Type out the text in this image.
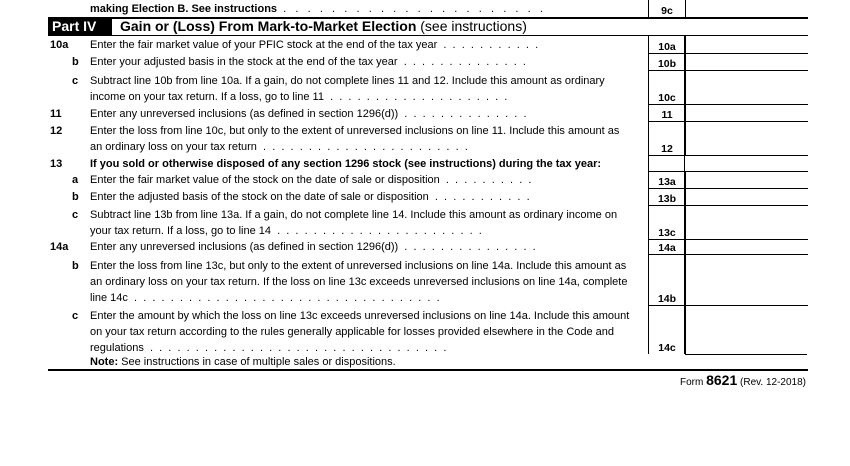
making Election B. See instructions  .   .   .   .   .   .   .   .   .   .   .   .   .   .   .   .   .   .   .   .   .   .	9c
Part IV	Gain or (Loss) From Mark-to-Market Election (see instructions)
10a Enter the fair market value of your PFIC stock at the end of the tax year  .  .  .  .  .  .  .  .  .  .  .	10a
b Enter your adjusted basis in the stock at the end of the tax year  .  .  .  .  .  .  .  .  .  .  .  .  .  .	10b
c Subtract line 10b from line 10a. If a gain, do not complete lines 11 and 12. Include this amount as ordinary
income on your tax return. If a loss, go to line 11  .  .  .  .  .  .  .  .  .  .  .  .  .  .  .  .  .  .  .  .	10c
11	Enter any unreversed inclusions (as defined in section 1296(d))  .  .  .  .  .  .  .  .  .  .  .  .  .  .	11
12	Enter the loss from line 10c, but only to the extent of unreversed inclusions on line 11. Include this amount as
an ordinary loss on your tax return  .  .  .  .  .  .  .  .  .  .  .  .  .  .  .  .  .  .  .  .  .  .  .	12
13	If you sold or otherwise disposed of any section 1296 stock (see instructions) during the tax year:
a Enter the fair market value of the stock on the date of sale or disposition  .  .  .  .  .  .  .  .  .  .	13a
b Enter the adjusted basis of the stock on the date of sale or disposition  .  .  .  .  .  .  .  .  .  .  .	13b
c Subtract line 13b from line 13a. If a gain, do not complete line 14. Include this amount as ordinary income on
your tax return. If a loss, go to line 14  .  .  .  .  .  .  .  .  .  .  .  .  .  .  .  .  .  .  .  .  .  .  .	13c
14a Enter any unreversed inclusions (as defined in section 1296(d))  .  .  .  .  .  .  .  .  .  .  .  .  .  .  .	14a
b Enter the loss from line 13c, but only to the extent of unreversed inclusions on line 14a. Include this amount as
an ordinary loss on your tax return. If the loss on line 13c exceeds unreversed inclusions on line 14a, complete
line 14c  .  .  .  .  .  .  .  .  .  .  .  .  .  .  .  .  .  .  .  .  .  .  .  .  .  .  .  .  .  .  .  .  .  .	14b
c Enter the amount by which the loss on line 13c exceeds unreversed inclusions on line 14a. Include this amount
on your tax return according to the rules generally applicable for losses provided elsewhere in the Code and
regulations  .  .  .  .  .  .  .  .  .  .  .  .  .  .  .  .  .  .  .  .  .  .  .  .  .  .  .  .  .  .  .  .  .	14c
Note: See instructions in case of multiple sales or dispositions.
Form 8621 (Rev. 12-2018)
